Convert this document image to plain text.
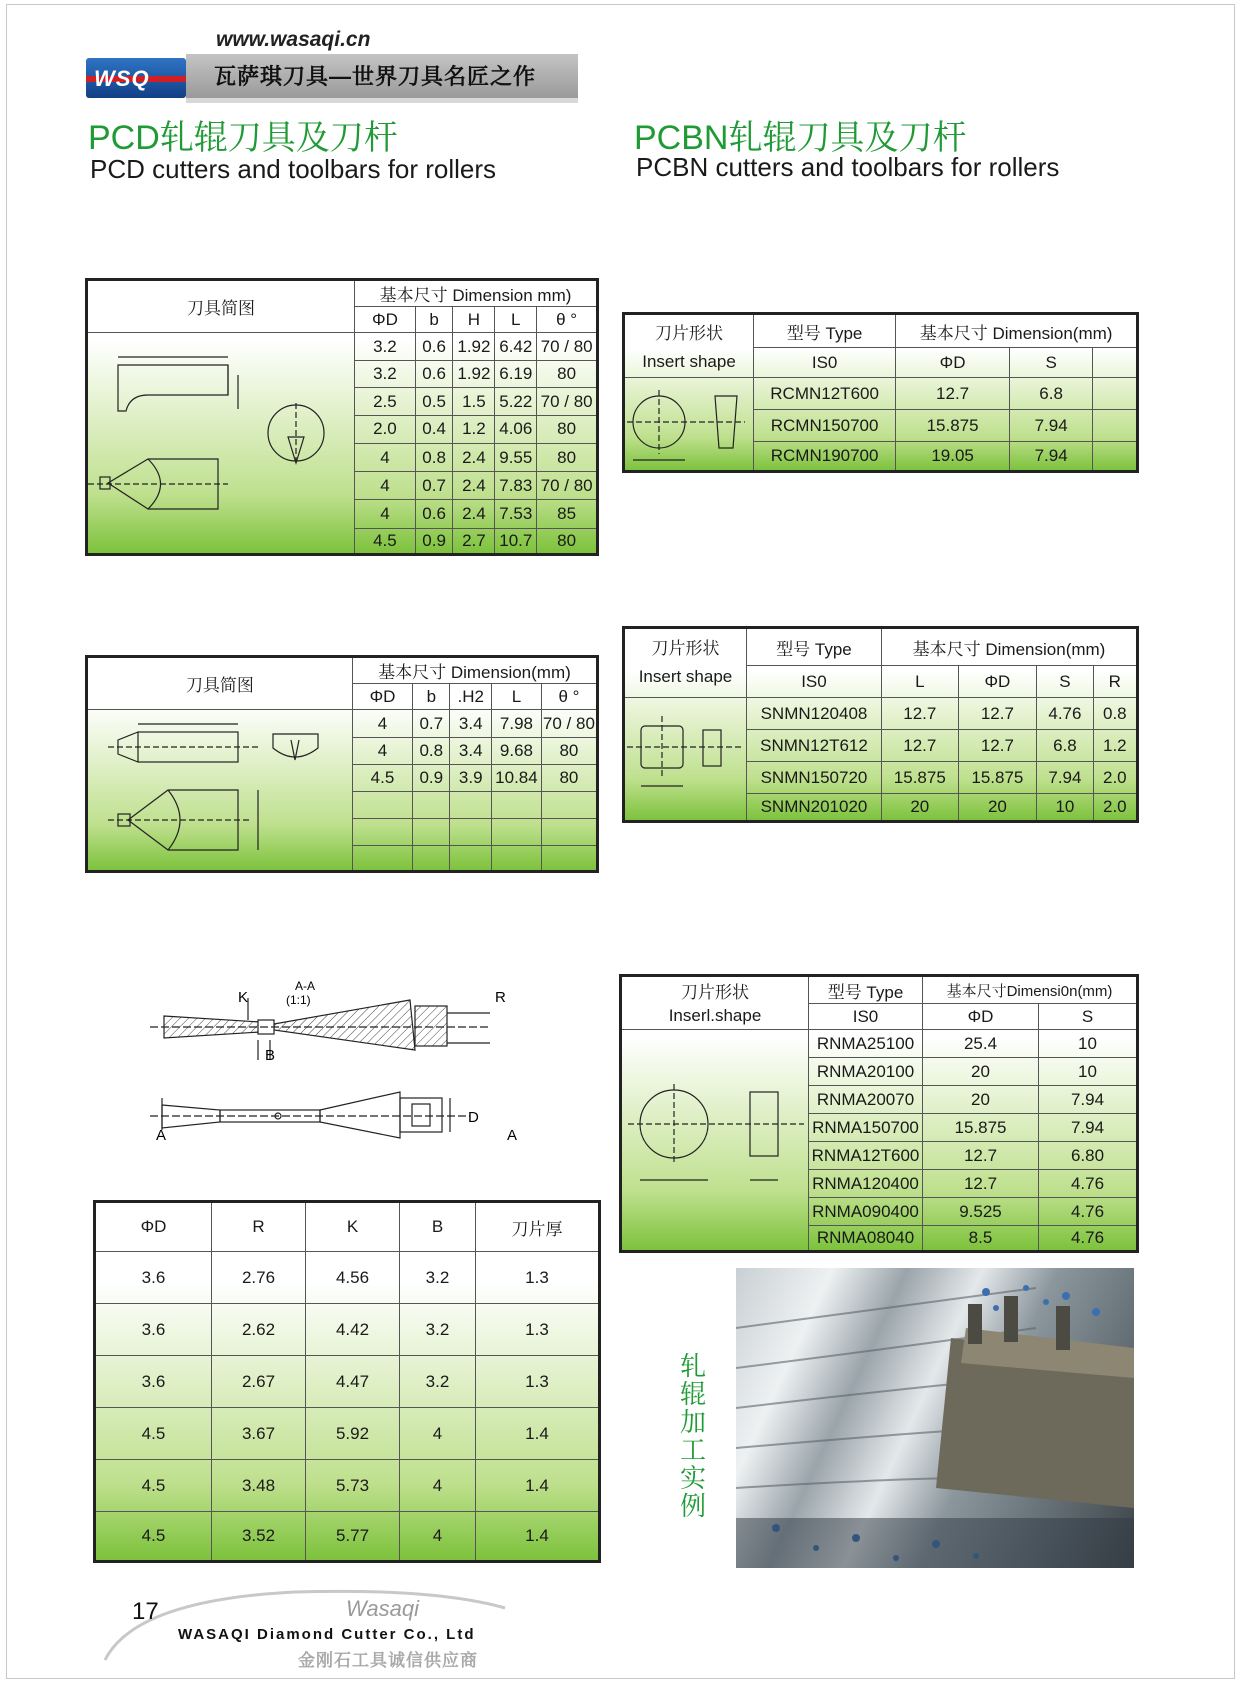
www.wasaqi.cn
WSQ	瓦萨琪刀具—世界刀具名匠之作
PCD轧辊刀具及刀杆
PCD cutters and toolbars for rollers
PCBN轧辊刀具及刀杆
PCBN cutters and toolbars for rollers
刀具简图	基本尺寸 Dimension mm)				
	ΦD	b	H	L	θ °

	3.2	0.6	1.92	6.42	70 / 80
	3.2	0.6	1.92	6.19	80
	2.5	0.5	1.5	5.22	70 / 80
	2.0	0.4	1.2	4.06	80
	4	0.8	2.4	9.55	80
	4	0.7	2.4	7.83	70 / 80
	4	0.6	2.4	7.53	85
	4.5	0.9	2.7	10.7	80
刀具简图	基本尺寸 Dimension(mm)				
	ΦD	b	.H2	L	θ °

	4	0.7	3.4	7.98	70 / 80
	4	0.8	3.4	9.68	80
	4.5	0.9	3.9	10.84	80

A-A
(1:1)
K	R
B
D
A	A
ΦD	R	K	B	刀片厚
3.6	2.76	4.56	3.2	1.3
3.6	2.62	4.42	3.2	1.3
3.6	2.67	4.47	3.2	1.3
4.5	3.67	5.92	4	1.4
4.5	3.48	5.73	4	1.4
4.5	3.52	5.77	4	1.4
刀片形状	型号 Type	基本尺寸 Dimension(mm)		
Insert shape	IS0	ΦD	S	

	RCMN12T600	12.7	6.8	
	RCMN150700	15.875	7.94	
	RCMN190700	19.05	7.94	
刀片形状
Insert shape	型号 Type	基本尺寸 Dimension(mm)			
	IS0	L	ΦD	S	R

	SNMN120408	12.7	12.7	4.76	0.8
	SNMN12T612	12.7	12.7	6.8	1.2
	SNMN150720	15.875	15.875	7.94	2.0
	SNMN201020	20	20	10	2.0
刀片形状	型号 Type	基本尺寸Dimensi0n(mm)	
Inserl.shape	IS0	ΦD	S

	RNMA25100	25.4	10
	RNMA20100	20	10
	RNMA20070	20	7.94
	RNMA150700	15.875	7.94
	RNMA12T600	12.7	6.80
	RNMA120400	12.7	4.76
	RNMA090400	9.525	4.76
	RNMA08040	8.5	4.76
轧辊加工实例
17	Wasaqi
WASAQI Diamond Cutter Co., Ltd
金刚石工具诚信供应商
